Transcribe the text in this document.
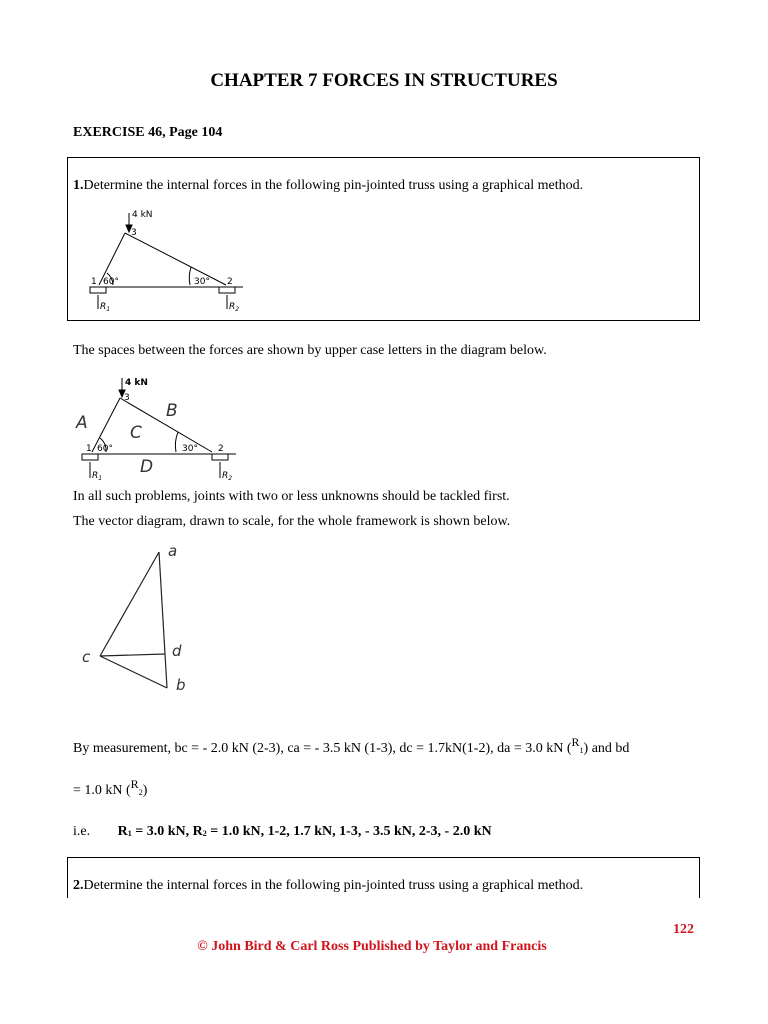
CHAPTER 7 FORCES IN STRUCTURES
EXERCISE 46, Page 104
1.Determine the internal forces in the following pin-jointed truss using a graphical method.
4 kN
3
1	2
60°	30°
$R_1$	$R_2$
The spaces between the forces are shown by upper case letters in the diagram below.
4 kN
3
1	2
60°	30°
$R_1$	$R_2$
A
B
C
D
In all such problems, joints with two or less unknowns should be tackled first.
The vector diagram, drawn to scale, for the whole framework is shown below.
a
b
c	d
By measurement, bc = - 2.0 kN (2-3), ca = - 3.5 kN (1-3), dc = 1.7kN(1-2), da = 3.0 kN (R1) and bd
= 1.0 kN (R2)
i.e. R1 = 3.0 kN, R2 = 1.0 kN, 1-2, 1.7 kN, 1-3, - 3.5 kN, 2-3, - 2.0 kN
2.Determine the internal forces in the following pin-jointed truss using a graphical method.
122
© John Bird & Carl Ross Published by Taylor and Francis
